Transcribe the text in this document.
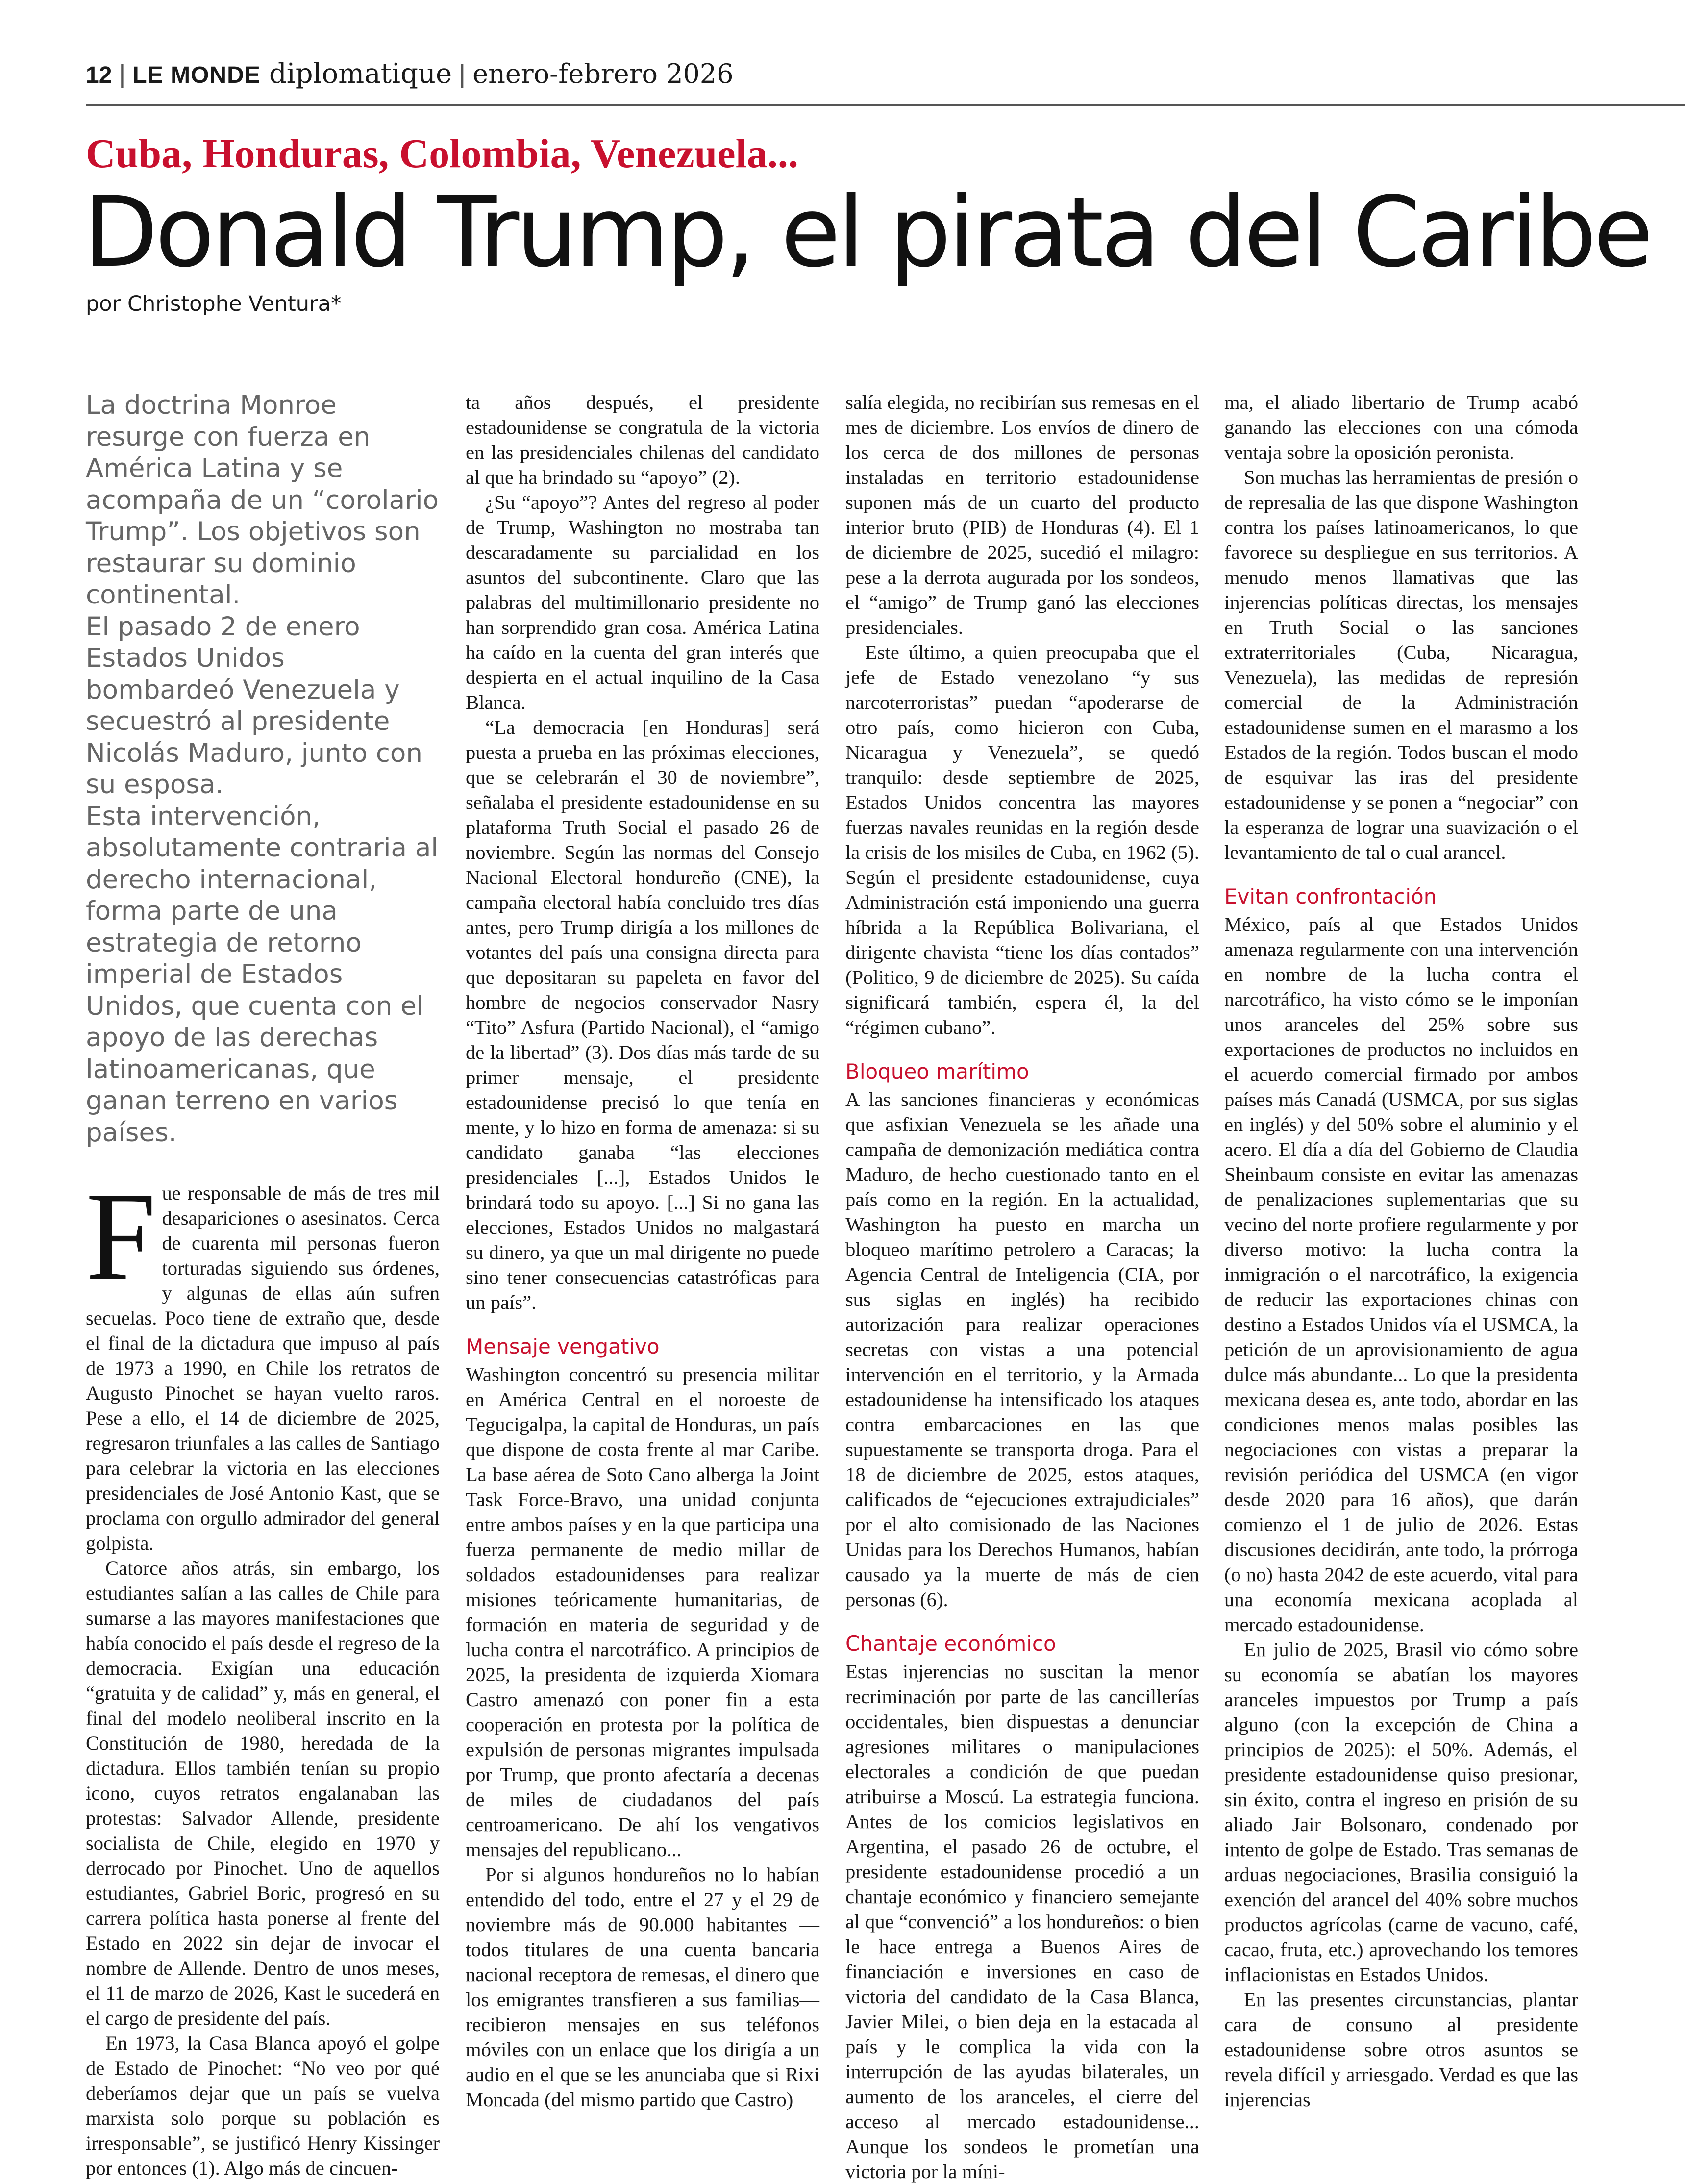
12 | LE MONDE diplomatique | enero-febrero 2026
Cuba, Honduras, Colombia, Venezuela...
Donald Trump, el pirata del Caribe
por Christophe Ventura*

La doctrina Monroe resurge con fuerza en América Latina y se acompaña de un “corolario Trump”. Los objetivos son restaurar su dominio continental.

El pasado 2 de enero Estados Unidos bombardeó Venezuela y secuestró al presidente Nicolás Maduro, junto con su esposa.

Esta intervención, absolutamente contraria al derecho internacional, forma parte de una estrategia de retorno imperial de Estados Unidos, que cuenta con el apoyo de las derechas latinoamericanas, que ganan terreno en varios países.

Fue responsable de más de tres mil desapariciones o asesinatos. Cerca de cuarenta mil personas fueron torturadas siguiendo sus órdenes, y algunas de ellas aún sufren secuelas. Poco tiene de extraño que, desde el final de la dictadura que impuso al país de 1973 a 1990, en Chile los retratos de Augusto Pinochet se hayan vuelto raros. Pese a ello, el 14 de diciembre de 2025, regresaron triunfales a las calles de Santiago para celebrar la victoria en las elecciones presidenciales de José Antonio Kast, que se proclama con orgullo admirador del general golpista.

Catorce años atrás, sin embargo, los estudiantes salían a las calles de Chile para sumarse a las mayores manifestaciones que había conocido el país desde el regreso de la democracia. Exigían una educación “gratuita y de calidad” y, más en general, el final del modelo neoliberal inscrito en la Constitución de 1980, heredada de la dictadura. Ellos también tenían su propio icono, cuyos retratos engalanaban las protestas: Salvador Allende, presidente socialista de Chile, elegido en 1970 y derrocado por Pinochet. Uno de aquellos estudiantes, Gabriel Boric, progresó en su carrera política hasta ponerse al frente del Estado en 2022 sin dejar de invocar el nombre de Allende. Dentro de unos meses, el 11 de marzo de 2026, Kast le sucederá en el cargo de presidente del país.

En 1973, la Casa Blanca apoyó el golpe de Estado de Pinochet: “No veo por qué deberíamos dejar que un país se vuelva marxista solo porque su población es irresponsable”, se justificó Henry Kissinger por entonces (1). Algo más de cincuen-

ta años después, el presidente estadounidense se congratula de la victoria en las presidenciales chilenas del candidato al que ha brindado su “apoyo” (2).

¿Su “apoyo”? Antes del regreso al poder de Trump, Washington no mostraba tan descaradamente su parcialidad en los asuntos del subcontinente. Claro que las palabras del multimillonario presidente no han sorprendido gran cosa. América Latina ha caído en la cuenta del gran interés que despierta en el actual inquilino de la Casa Blanca.

“La democracia [en Honduras] será puesta a prueba en las próximas elecciones, que se celebrarán el 30 de noviembre”, señalaba el presidente estadounidense en su plataforma Truth Social el pasado 26 de noviembre. Según las normas del Consejo Nacional Electoral hondureño (CNE), la campaña electoral había concluido tres días antes, pero Trump dirigía a los millones de votantes del país una consigna directa para que depositaran su papeleta en favor del hombre de negocios conservador Nasry “Tito” Asfura (Partido Nacional), el “amigo de la libertad” (3). Dos días más tarde de su primer mensaje, el presidente estadounidense precisó lo que tenía en mente, y lo hizo en forma de amenaza: si su candidato ganaba “las elecciones presidenciales [...], Estados Unidos le brindará todo su apoyo. [...] Si no gana las elecciones, Estados Unidos no malgastará su dinero, ya que un mal dirigente no puede sino tener consecuencias catastróficas para un país”.

Mensaje vengativo

Washington concentró su presencia militar en América Central en el noroeste de Tegucigalpa, la capital de Honduras, un país que dispone de costa frente al mar Caribe. La base aérea de Soto Cano alberga la Joint Task Force-Bravo, una unidad conjunta entre ambos países y en la que participa una fuerza permanente de medio millar de soldados estadounidenses para realizar misiones teóricamente humanitarias, de formación en materia de seguridad y de lucha contra el narcotráfico. A principios de 2025, la presidenta de izquierda Xiomara Castro amenazó con poner fin a esta cooperación en protesta por la política de expulsión de personas migrantes impulsada por Trump, que pronto afectaría a decenas de miles de ciudadanos del país centroamericano. De ahí los vengativos mensajes del republicano...

Por si algunos hondureños no lo habían entendido del todo, entre el 27 y el 29 de noviembre más de 90.000 habitantes —todos titulares de una cuenta bancaria nacional receptora de remesas, el dinero que los emigrantes transfieren a sus familias— recibieron mensajes en sus teléfonos móviles con un enlace que los dirigía a un audio en el que se les anunciaba que si Rixi Moncada (del mismo partido que Castro)

salía elegida, no recibirían sus remesas en el mes de diciembre. Los envíos de dinero de los cerca de dos millones de personas instaladas en territorio estadounidense suponen más de un cuarto del producto interior bruto (PIB) de Honduras (4). El 1 de diciembre de 2025, sucedió el milagro: pese a la derrota augurada por los sondeos, el “amigo” de Trump ganó las elecciones presidenciales.

Este último, a quien preocupaba que el jefe de Estado venezolano “y sus narcoterroristas” puedan “apoderarse de otro país, como hicieron con Cuba, Nicaragua y Venezuela”, se quedó tranquilo: desde septiembre de 2025, Estados Unidos concentra las mayores fuerzas navales reunidas en la región desde la crisis de los misiles de Cuba, en 1962 (5). Según el presidente estadounidense, cuya Administración está imponiendo una guerra híbrida a la República Bolivariana, el dirigente chavista “tiene los días contados” (Politico, 9 de diciembre de 2025). Su caída significará también, espera él, la del “régimen cubano”.

Bloqueo marítimo

A las sanciones financieras y económicas que asfixian Venezuela se les añade una campaña de demonización mediática contra Maduro, de hecho cuestionado tanto en el país como en la región. En la actualidad, Washington ha puesto en marcha un bloqueo marítimo petrolero a Caracas; la Agencia Central de Inteligencia (CIA, por sus siglas en inglés) ha recibido autorización para realizar operaciones secretas con vistas a una potencial intervención en el territorio, y la Armada estadounidense ha intensificado los ataques contra embarcaciones en las que supuestamente se transporta droga. Para el 18 de diciembre de 2025, estos ataques, calificados de “ejecuciones extrajudiciales” por el alto comisionado de las Naciones Unidas para los Derechos Humanos, habían causado ya la muerte de más de cien personas (6).

Chantaje económico

Estas injerencias no suscitan la menor recriminación por parte de las cancillerías occidentales, bien dispuestas a denunciar agresiones militares o manipulaciones electorales a condición de que puedan atribuirse a Moscú. La estrategia funciona. Antes de los comicios legislativos en Argentina, el pasado 26 de octubre, el presidente estadounidense procedió a un chantaje económico y financiero semejante al que “convenció” a los hondureños: o bien le hace entrega a Buenos Aires de financiación e inversiones en caso de victoria del candidato de la Casa Blanca, Javier Milei, o bien deja en la estacada al país y le complica la vida con la interrupción de las ayudas bilaterales, un aumento de los aranceles, el cierre del acceso al mercado estadounidense... Aunque los sondeos le prometían una victoria por la míni-

ma, el aliado libertario de Trump acabó ganando las elecciones con una cómoda ventaja sobre la oposición peronista.

Son muchas las herramientas de presión o de represalia de las que dispone Washington contra los países latinoamericanos, lo que favorece su despliegue en sus territorios. A menudo menos llamativas que las injerencias políticas directas, los mensajes en Truth Social o las sanciones extraterritoriales (Cuba, Nicaragua, Venezuela), las medidas de represión comercial de la Administración estadounidense sumen en el marasmo a los Estados de la región. Todos buscan el modo de esquivar las iras del presidente estadounidense y se ponen a “negociar” con la esperanza de lograr una suavización o el levantamiento de tal o cual arancel.

Evitan confrontación

México, país al que Estados Unidos amenaza regularmente con una intervención en nombre de la lucha contra el narcotráfico, ha visto cómo se le imponían unos aranceles del 25% sobre sus exportaciones de productos no incluidos en el acuerdo comercial firmado por ambos países más Canadá (USMCA, por sus siglas en inglés) y del 50% sobre el aluminio y el acero. El día a día del Gobierno de Claudia Sheinbaum consiste en evitar las amenazas de penalizaciones suplementarias que su vecino del norte profiere regularmente y por diverso motivo: la lucha contra la inmigración o el narcotráfico, la exigencia de reducir las exportaciones chinas con destino a Estados Unidos vía el USMCA, la petición de un aprovisionamiento de agua dulce más abundante... Lo que la presidenta mexicana desea es, ante todo, abordar en las condiciones menos malas posibles las negociaciones con vistas a preparar la revisión periódica del USMCA (en vigor desde 2020 para 16 años), que darán comienzo el 1 de julio de 2026. Estas discusiones decidirán, ante todo, la prórroga (o no) hasta 2042 de este acuerdo, vital para una economía mexicana acoplada al mercado estadounidense.

En julio de 2025, Brasil vio cómo sobre su economía se abatían los mayores aranceles impuestos por Trump a país alguno (con la excepción de China a principios de 2025): el 50%. Además, el presidente estadounidense quiso presionar, sin éxito, contra el ingreso en prisión de su aliado Jair Bolsonaro, condenado por intento de golpe de Estado. Tras semanas de arduas negociaciones, Brasilia consiguió la exención del arancel del 40% sobre muchos productos agrícolas (carne de vacuno, café, cacao, fruta, etc.) aprovechando los temores inflacionistas en Estados Unidos.

En las presentes circunstancias, plantar cara de consuno al presidente estadounidense sobre otros asuntos se revela difícil y arriesgado. Verdad es que las injerencias
